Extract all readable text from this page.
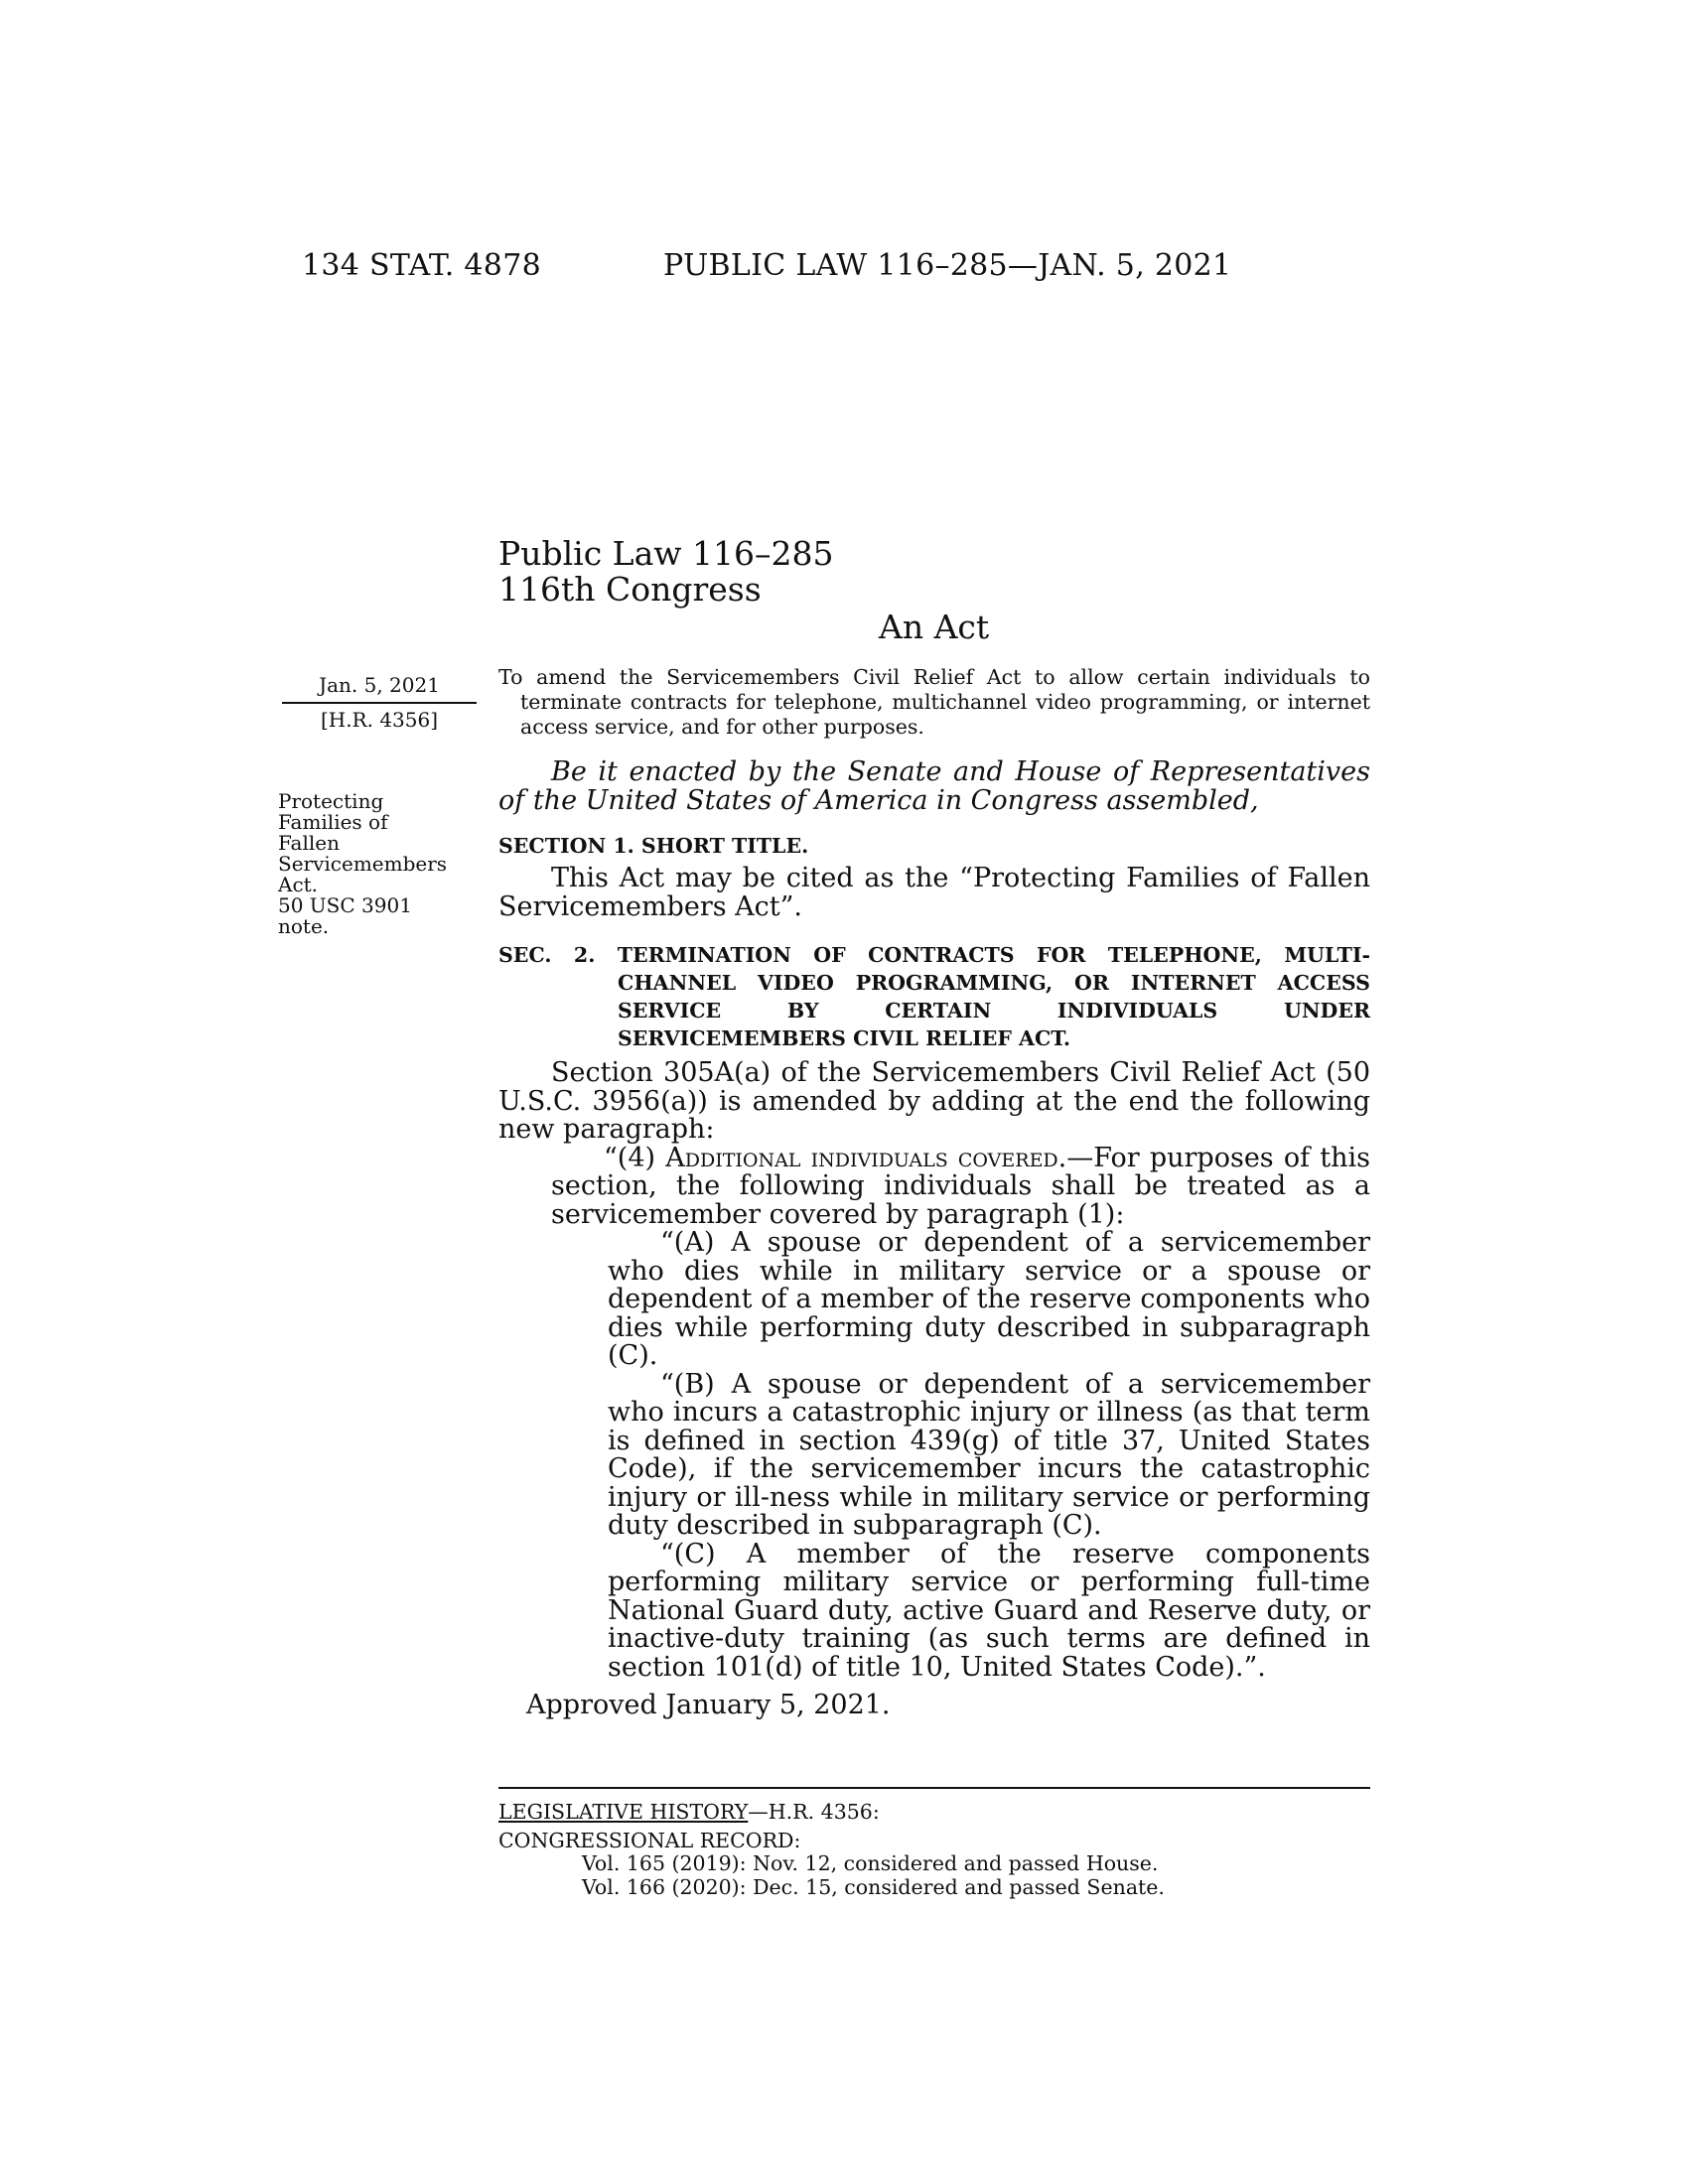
134 STAT. 4878	PUBLIC LAW 116–285—JAN. 5, 2021
Public Law 116–285
116th Congress
An Act
Jan. 5, 2021
[H.R. 4356]
Protecting
Families of
Fallen
Servicemembers
Act.
50 USC 3901
note.
To amend the Servicemembers Civil Relief Act to allow certain individuals to terminate contracts for telephone, multichannel video programming, or internet access service, and for other purposes.
Be it enacted by the Senate and House of Representatives of the United States of America in Congress assembled,
SECTION 1. SHORT TITLE.
This Act may be cited as the “Protecting Families of Fallen Servicemembers Act”.
SEC. 2. TERMINATION OF CONTRACTS FOR TELEPHONE, MULTI-
CHANNEL VIDEO PROGRAMMING, OR INTERNET ACCESS
SERVICE BY CERTAIN INDIVIDUALS UNDER
SERVICEMEMBERS CIVIL RELIEF ACT.

Section 305A(a) of the Servicemembers Civil Relief Act (50 U.S.C. 3956(a)) is amended by adding at the end the following new paragraph:

“(4) Additional individuals covered.—For purposes of this section, the following individuals shall be treated as a servicemember covered by paragraph (1):

“(A) A spouse or dependent of a servicemember who dies while in military service or a spouse or dependent of a member of the reserve components who dies while performing duty described in subparagraph (C).

“(B) A spouse or dependent of a servicemember who incurs a catastrophic injury or illness (as that term is defined in section 439(g) of title 37, United States Code), if the servicemember incurs the catastrophic injury or ill-ness while in military service or performing duty described in subparagraph (C).

“(C) A member of the reserve components performing military service or performing full-time National Guard duty, active Guard and Reserve duty, or inactive-duty training (as such terms are defined in section 101(d) of title 10, United States Code).”.

Approved January 5, 2021.
LEGISLATIVE HISTORY—H.R. 4356:
CONGRESSIONAL RECORD:
Vol. 165 (2019): Nov. 12, considered and passed House.
Vol. 166 (2020): Dec. 15, considered and passed Senate.
